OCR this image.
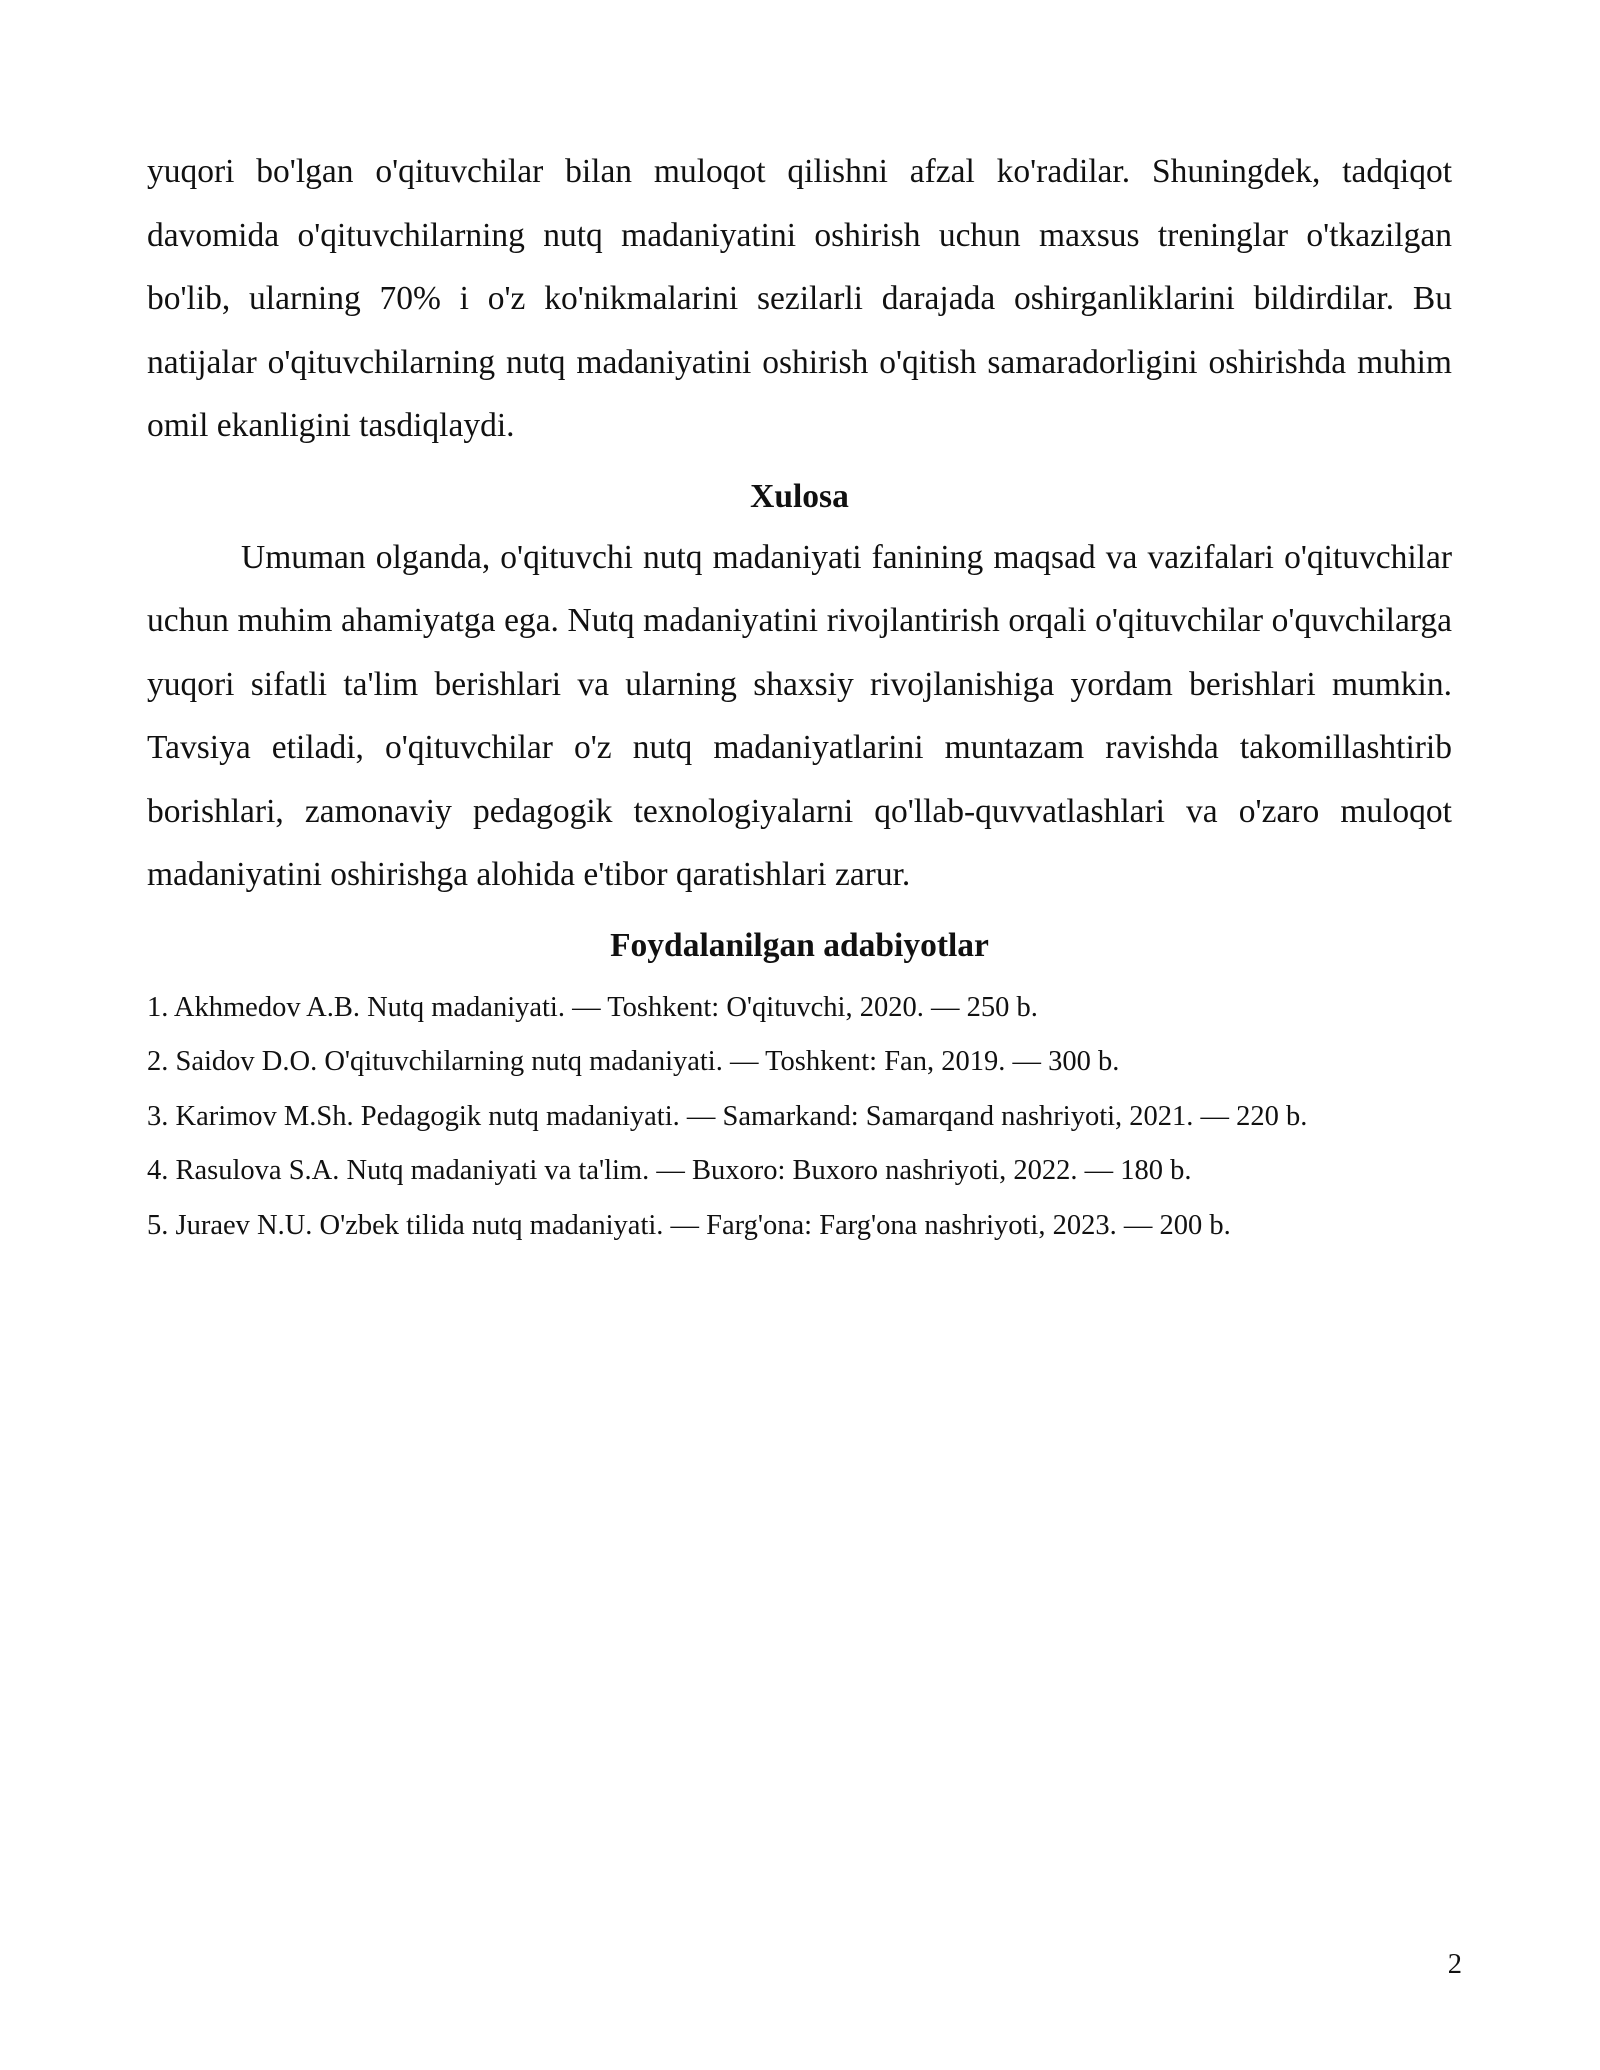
yuqori bo'lgan o'qituvchilar bilan muloqot qilishni afzal ko'radilar. Shuningdek, tadqiqot davomida o'qituvchilarning nutq madaniyatini oshirish uchun maxsus treninglar o'tkazilgan bo'lib, ularning 70% i o'z ko'nikmalarini sezilarli darajada oshirganliklarini bildirdilar. Bu natijalar o'qituvchilarning nutq madaniyatini oshirish o'qitish samaradorligini oshirishda muhim omil ekanligini tasdiqlaydi.

Xulosa

Umuman olganda, o'qituvchi nutq madaniyati fanining maqsad va vazifalari o'qituvchilar uchun muhim ahamiyatga ega. Nutq madaniyatini rivojlantirish orqali o'qituvchilar o'quvchilarga yuqori sifatli ta'lim berishlari va ularning shaxsiy rivojlanishiga yordam berishlari mumkin. Tavsiya etiladi, o'qituvchilar o'z nutq madaniyatlarini muntazam ravishda takomillashtirib borishlari, zamonaviy pedagogik texnologiyalarni qo'llab-quvvatlashlari va o'zaro muloqot madaniyatini oshirishga alohida e'tibor qaratishlari zarur.

Foydalanilgan adabiyotlar
1. Akhmedov A.B. Nutq madaniyati. — Toshkent: O'qituvchi, 2020. — 250 b.
2. Saidov D.O. O'qituvchilarning nutq madaniyati. — Toshkent: Fan, 2019. — 300 b.
3. Karimov M.Sh. Pedagogik nutq madaniyati. — Samarkand: Samarqand nashriyoti, 2021. — 220 b.
4. Rasulova S.A. Nutq madaniyati va ta'lim. — Buxoro: Buxoro nashriyoti, 2022. — 180 b.
5. Juraev N.U. O'zbek tilida nutq madaniyati. — Farg'ona: Farg'ona nashriyoti, 2023. — 200 b.
2
